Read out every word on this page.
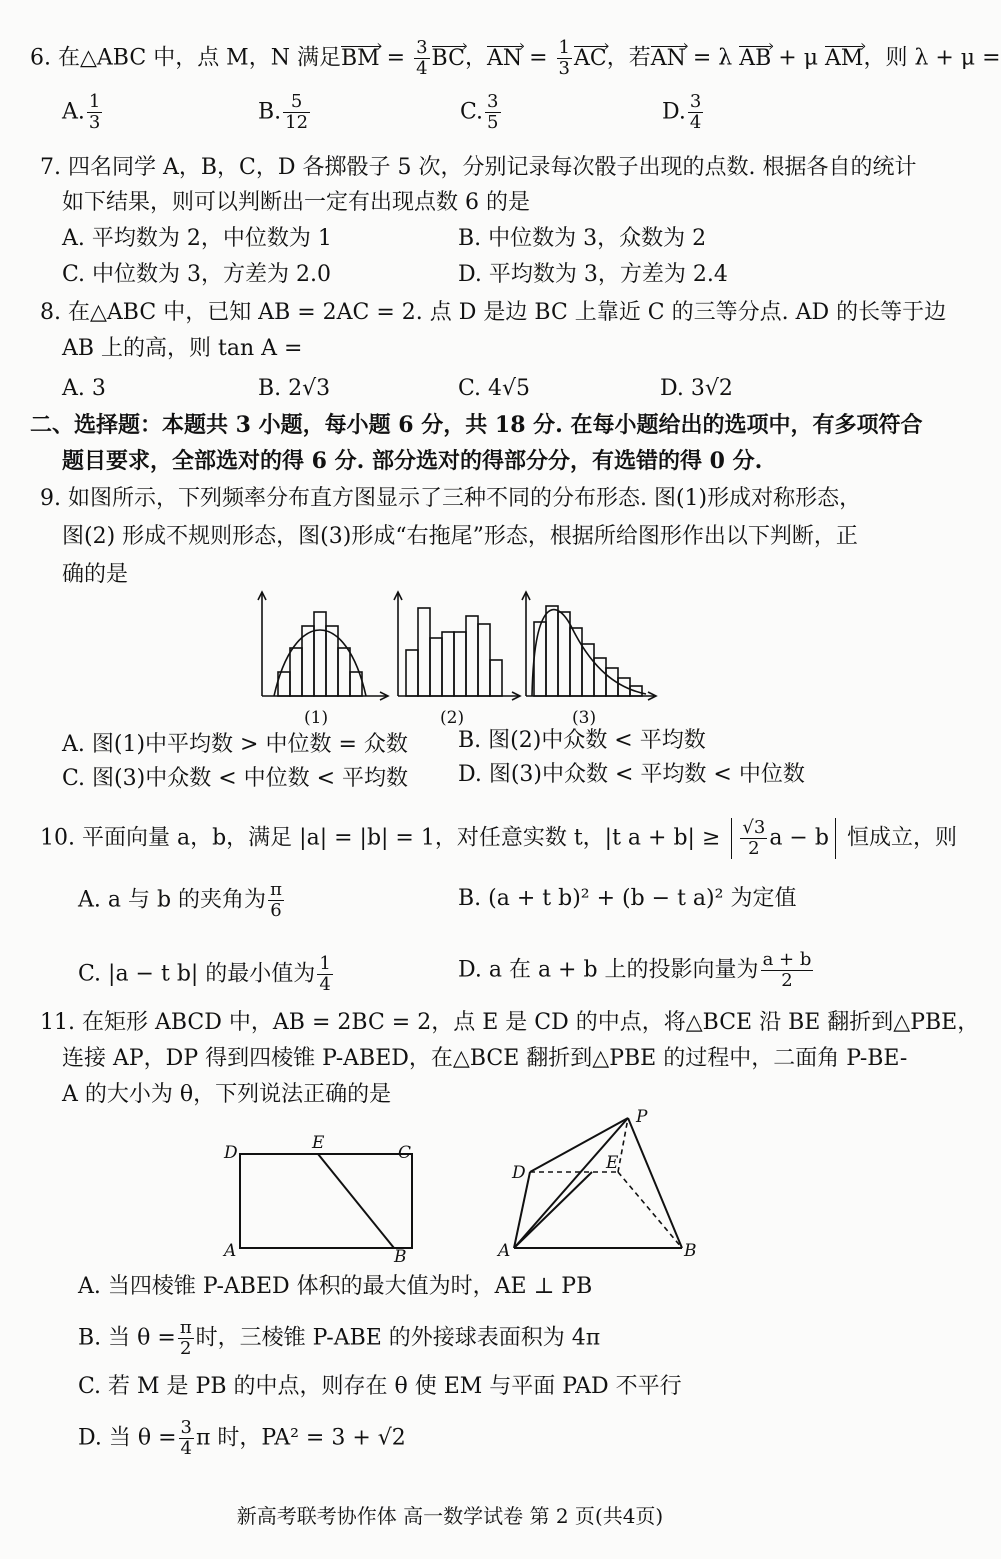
6. 在△ABC 中，点 M，N 满足BM › = $\frac{3}{4}$ BC ›，AN › = $\frac{1}{3}$ AC ›，若AN › = λ AB › + μ AM ›，则 λ + μ =
A. $\frac{1}{3}$	B. $\frac{5}{12}$	C. $\frac{3}{5}$	D. $\frac{3}{4}$
7. 四名同学 A，B，C，D 各掷骰子 5 次，分别记录每次骰子出现的点数. 根据各自的统计
如下结果，则可以判断出一定有出现点数 6 的是
A. 平均数为 2，中位数为 1	B. 中位数为 3，众数为 2
C. 中位数为 3，方差为 2.0	D. 平均数为 3，方差为 2.4
8. 在△ABC 中，已知 AB = 2AC = 2. 点 D 是边 BC 上靠近 C 的三等分点. AD 的长等于边
AB 上的高，则 tan A =
A. 3	B. 2√3	C. 4√5	D. 3√2
二、选择题：本题共 3 小题，每小题 6 分，共 18 分. 在每小题给出的选项中，有多项符合
题目要求，全部选对的得 6 分. 部分选对的得部分分，有选错的得 0 分.
9. 如图所示，下列频率分布直方图显示了三种不同的分布形态. 图(1)形成对称形态，
图(2) 形成不规则形态，图(3)形成“右拖尾”形态，根据所给图形作出以下判断，正
确的是
(1)	(2)	(3)
A. 图(1)中平均数 > 中位数 = 众数 B. 图(2)中众数 < 平均数
C. 图(3)中众数 < 中位数 < 平均数 D. 图(3)中众数 < 平均数 < 中位数
10. 平面向量 a，b，满足 |a| = |b| = 1，对任意实数 t，|t $a + b| \ge \frac{√3}{2}$ a − b 恒成立，则
A. a 与 b 的夹角为 $\frac{\pi}{6}$	B. (a + t b)² + (b − t a)² 为定值
C. |a − t b| 的最小值为 $\frac{1}{4}$	D. a 在 a + b 上的投影向量为 $\frac{a + b}{2}$
11. 在矩形 ABCD 中，AB = 2BC = 2，点 E 是 CD 的中点，将△BCE 沿 BE 翻折到△PBE，
连接 AP，DP 得到四棱锥 P-ABED，在△BCE 翻折到△PBE 的过程中，二面角 P-BE-
A 的大小为 θ，下列说法正确的是
D	E	C
A	B
P
D	E
A	B
A. 当四棱锥 P-ABED 体积的最大值为时，AE ⊥ PB
B. 当 $\theta = \frac{\pi}{2}$ 时，三棱锥 P-ABE 的外接球表面积为 4π
C. 若 M 是 PB 的中点，则存在 θ 使 EM 与平面 PAD 不平行
D. 当 $\theta = \frac{3}{4}$ π 时，PA² = 3 + √2
新高考联考协作体 高一数学试卷 第 2 页(共4页)
